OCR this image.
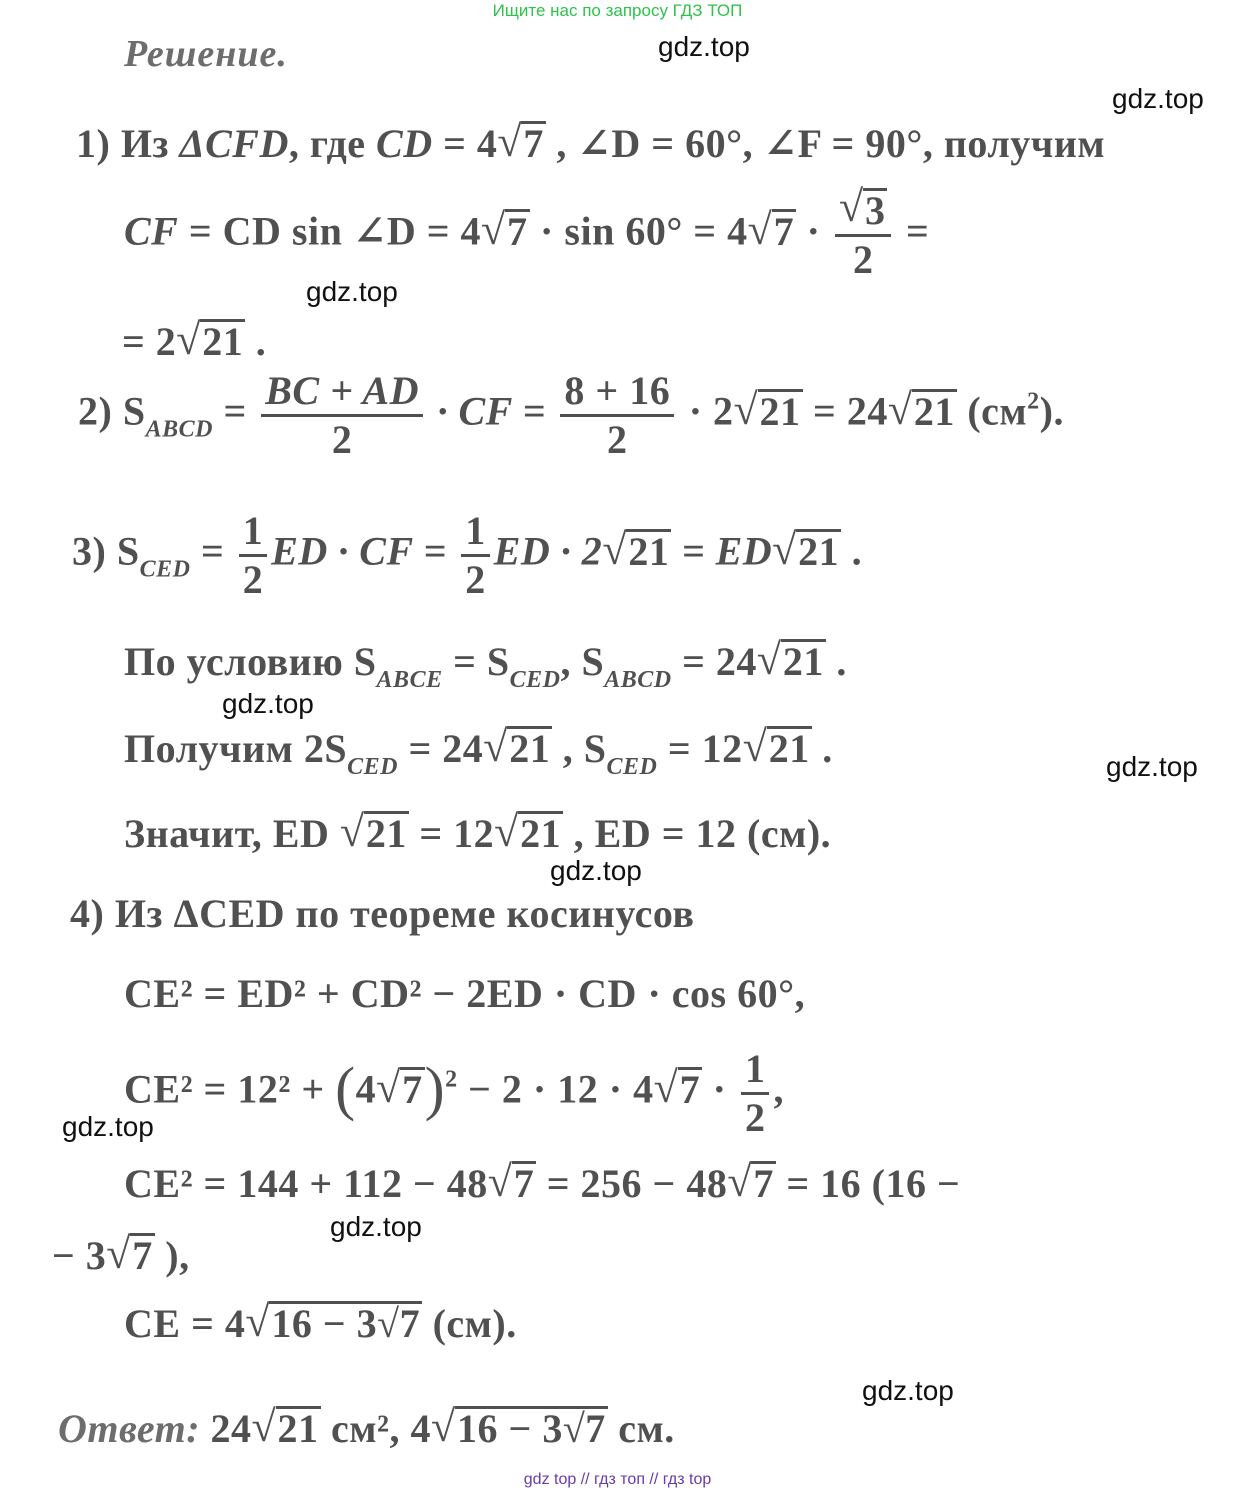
Ищите нас по запросу ГДЗ ТОП
gdz.top
gdz.top
gdz.top
gdz.top
gdz.top
gdz.top
gdz.top
gdz.top
gdz.top
Решение.
1) Из ΔCFD, где CD = 4√ 7 , ∠D = 60°, ∠F = 90°, получим
CF = CD sin ∠D = 4√ 7 · sin 60° = 4√ 7 ·
√ $\frac{3}{2}$ =
= 2√ 21 .
2) $S_{ABCD} = \frac{BC + AD}{2}$ · CF = $\frac{8 + 16}{2} \cdot 2√$ 21 = 24√ 21 $(см^2)$.
3) $S_{CED} = \frac{1}{2}$ ED · CF = $\frac{1}{2}$ ED · 2√ 21 = ED√ 21 .
По условию $S_{ABCE} = S_{CED}$, $S_{ABCD} = 24√$ 21 .
Получим $2S_{CED} = 24√$ 21 , $S_{CED} = 12√$ 21 .
Значит, ED √ 21 = 12√ 21 , ED = 12 (см).
4) Из ΔCED по теореме косинусов
CE² = ED² + CD² − 2ED · CD · cos 60°,
CE² = 12² + (4√ 7)$^2$ − 2 · 12 · 4√ $7 \cdot \frac{1}{2}$ ,
CE² = 144 + 112 − 48√ 7 = 256 − 48√ 7 = 16 (16 −
− 3√ 7 ),
CE = 4√ 16 − 3√7 (см).
Ответ: 24√ 21 см², 4√ 16 − 3√7 см.
gdz top // гдз топ // гдз top
